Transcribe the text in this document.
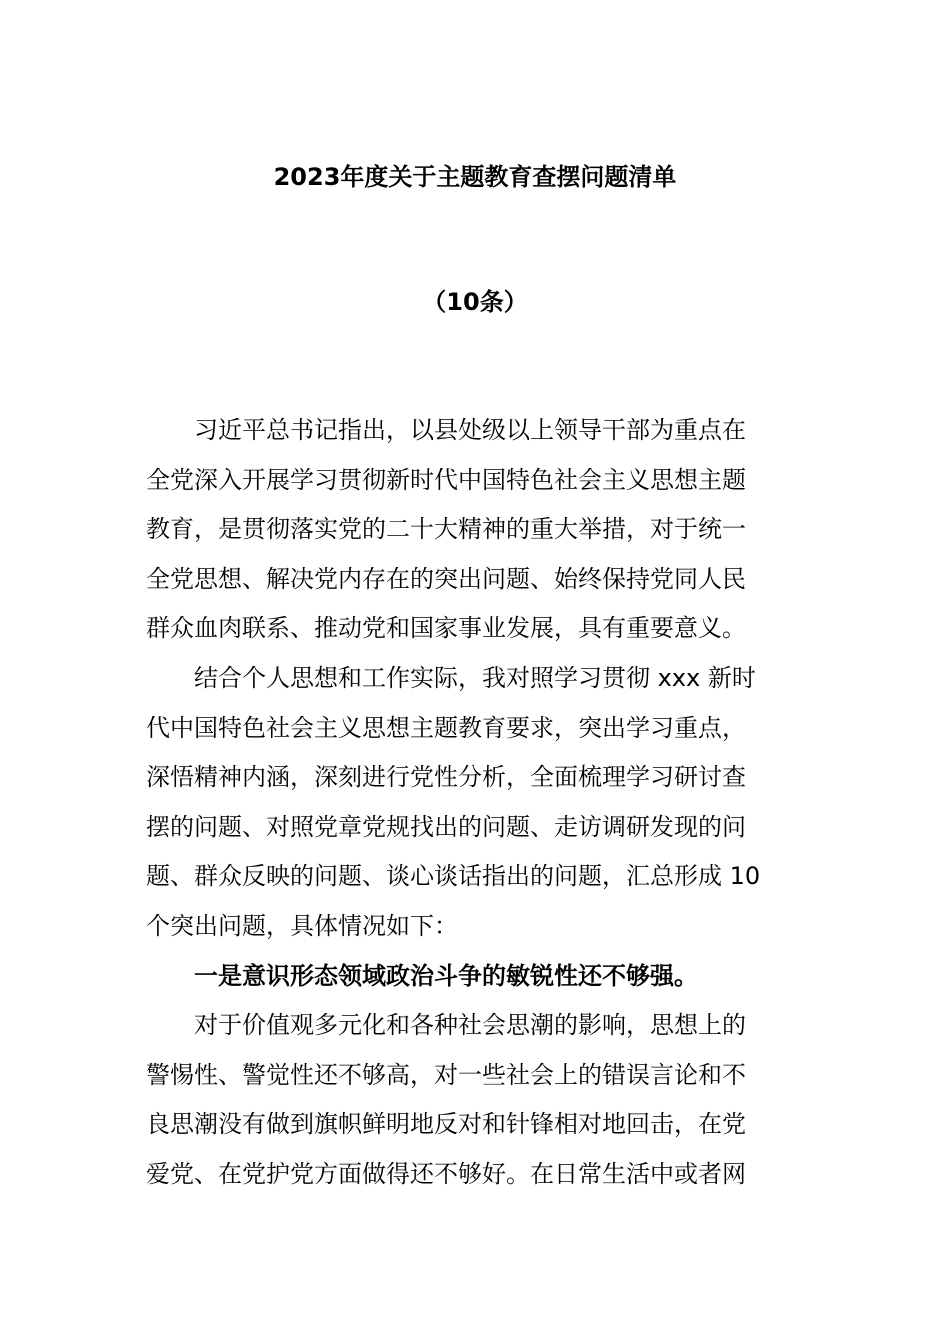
2023年度关于主题教育查摆问题清单
（10条）
习近平总书记指出，以县处级以上领导干部为重点在
全党深入开展学习贯彻新时代中国特色社会主义思想主题
教育，是贯彻落实党的二十大精神的重大举措，对于统一
全党思想、解决党内存在的突出问题、始终保持党同人民
群众血肉联系、推动党和国家事业发展，具有重要意义。
结合个人思想和工作实际，我对照学习贯彻 xxx 新时
代中国特色社会主义思想主题教育要求，突出学习重点，
深悟精神内涵，深刻进行党性分析，全面梳理学习研讨查
摆的问题、对照党章党规找出的问题、走访调研发现的问
题、群众反映的问题、谈心谈话指出的问题，汇总形成 10
个突出问题，具体情况如下：
一是意识形态领域政治斗争的敏锐性还不够强。
对于价值观多元化和各种社会思潮的影响，思想上的
警惕性、警觉性还不够高，对一些社会上的错误言论和不
良思潮没有做到旗帜鲜明地反对和针锋相对地回击，在党
爱党、在党护党方面做得还不够好。在日常生活中或者网
